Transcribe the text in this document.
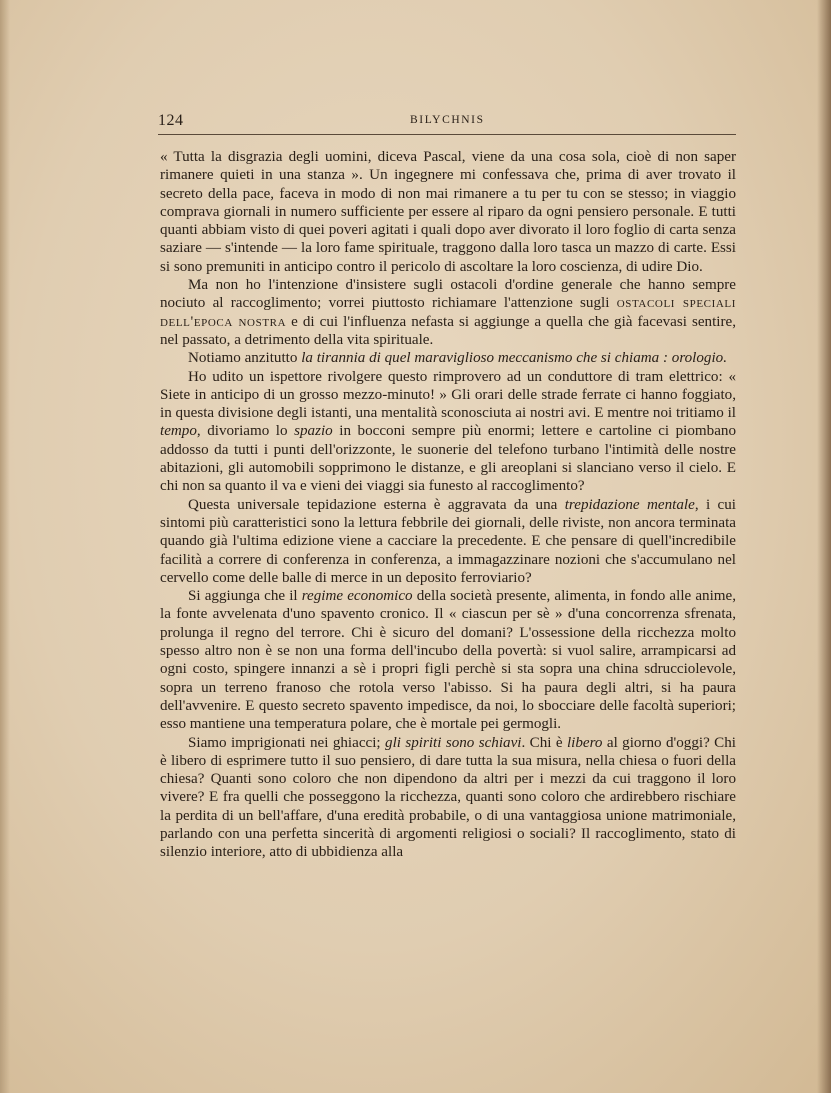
124	BILYCHNIS

« Tutta la disgrazia degli uomini, diceva Pascal, viene da una cosa sola, cioè di non saper rimanere quieti in una stanza ». Un ingegnere mi confessava che, prima di aver trovato il secreto della pace, faceva in modo di non mai rimanere a tu per tu con se stesso; in viaggio comprava giornali in numero sufficiente per essere al riparo da ogni pensiero personale. E tutti quanti abbiam visto di quei poveri agitati i quali dopo aver divorato il loro foglio di carta senza saziare — s'intende — la loro fame spirituale, traggono dalla loro tasca un mazzo di carte. Essi si sono premuniti in anticipo contro il pericolo di ascoltare la loro coscienza, di udire Dio.

Ma non ho l'intenzione d'insistere sugli ostacoli d'ordine generale che hanno sempre nociuto al raccoglimento; vorrei piuttosto richiamare l'attenzione sugli ostacoli speciali dell'epoca nostra e di cui l'influenza nefasta si aggiunge a quella che già facevasi sentire, nel passato, a detrimento della vita spirituale.

Notiamo anzitutto la tirannia di quel maraviglioso meccanismo che si chiama : orologio.

Ho udito un ispettore rivolgere questo rimprovero ad un conduttore di tram elettrico: « Siete in anticipo di un grosso mezzo-minuto! » Gli orari delle strade ferrate ci hanno foggiato, in questa divisione degli istanti, una mentalità sconosciuta ai nostri avi. E mentre noi tritiamo il tempo, divoriamo lo spazio in bocconi sempre più enormi; lettere e cartoline ci piombano addosso da tutti i punti dell'orizzonte, le suonerie del telefono turbano l'intimità delle nostre abitazioni, gli automobili sopprimono le distanze, e gli areoplani si slanciano verso il cielo. E chi non sa quanto il va e vieni dei viaggi sia funesto al raccoglimento?

Questa universale tepidazione esterna è aggravata da una trepidazione mentale, i cui sintomi più caratteristici sono la lettura febbrile dei giornali, delle riviste, non ancora terminata quando già l'ultima edizione viene a cacciare la precedente. E che pensare di quell'incredibile facilità a correre di conferenza in conferenza, a immagazzinare nozioni che s'accumulano nel cervello come delle balle di merce in un deposito ferroviario?

Si aggiunga che il regime economico della società presente, alimenta, in fondo alle anime, la fonte avvelenata d'uno spavento cronico. Il « ciascun per sè » d'una concorrenza sfrenata, prolunga il regno del terrore. Chi è sicuro del domani? L'ossessione della ricchezza molto spesso altro non è se non una forma dell'incubo della povertà: si vuol salire, arrampicarsi ad ogni costo, spingere innanzi a sè i propri figli perchè si sta sopra una china sdrucciolevole, sopra un terreno franoso che rotola verso l'abisso. Si ha paura degli altri, si ha paura dell'avvenire. E questo secreto spavento impedisce, da noi, lo sbocciare delle facoltà superiori; esso mantiene una temperatura polare, che è mortale pei germogli.

Siamo imprigionati nei ghiacci; gli spiriti sono schiavi. Chi è libero al giorno d'oggi? Chi è libero di esprimere tutto il suo pensiero, di dare tutta la sua misura, nella chiesa o fuori della chiesa? Quanti sono coloro che non dipendono da altri per i mezzi da cui traggono il loro vivere? E fra quelli che posseggono la ricchezza, quanti sono coloro che ardirebbero rischiare la perdita di un bell'affare, d'una eredità probabile, o di una vantaggiosa unione matrimoniale, parlando con una perfetta sincerità di argomenti religiosi o sociali? Il raccoglimento, stato di silenzio interiore, atto di ubbidienza alla
